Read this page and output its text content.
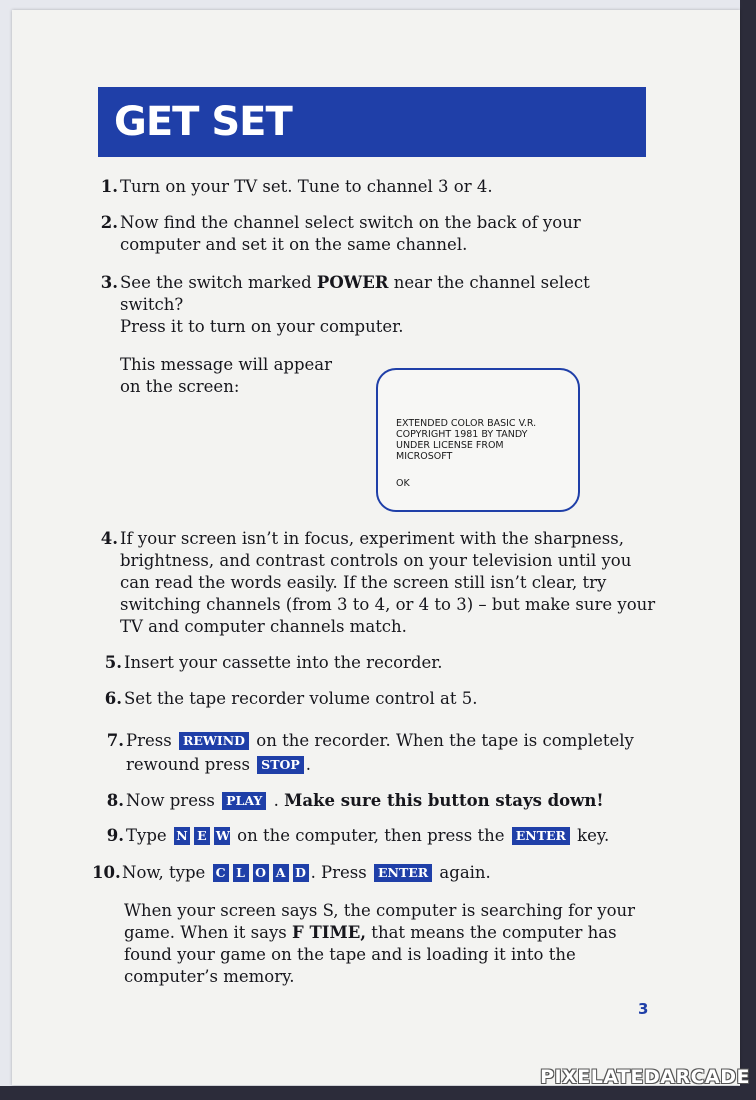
GET SET
1. Turn on your TV set. Tune to channel 3 or 4.
2. Now find the channel select switch on the back of your
computer and set it on the same channel.
3. See the switch marked POWER near the channel select
switch?
Press it to turn on your computer.
This message will appear
on the screen:
EXTENDED COLOR BASIC V.R.
COPYRIGHT 1981 BY TANDY
UNDER LICENSE FROM
MICROSOFT
OK
4. If your screen isn’t in focus, experiment with the sharpness,
brightness, and contrast controls on your television until you
can read the words easily. If the screen still isn’t clear, try
switching channels (from 3 to 4, or 4 to 3) – but make sure your
TV and computer channels match.
5. Insert your cassette into the recorder.
6. Set the tape recorder volume control at 5.
7. Press REWIND on the recorder. When the tape is completely
rewound press STOP .
8. Now press PLAY . Make sure this button stays down!
9. Type N E W on the computer, then press the ENTER key.
10. Now, type C L O A D . Press ENTER again.
When your screen says S, the computer is searching for your
game. When it says F TIME, that means the computer has
found your game on the tape and is loading it into the
computer’s memory.
3
PIXELATEDARCADE
